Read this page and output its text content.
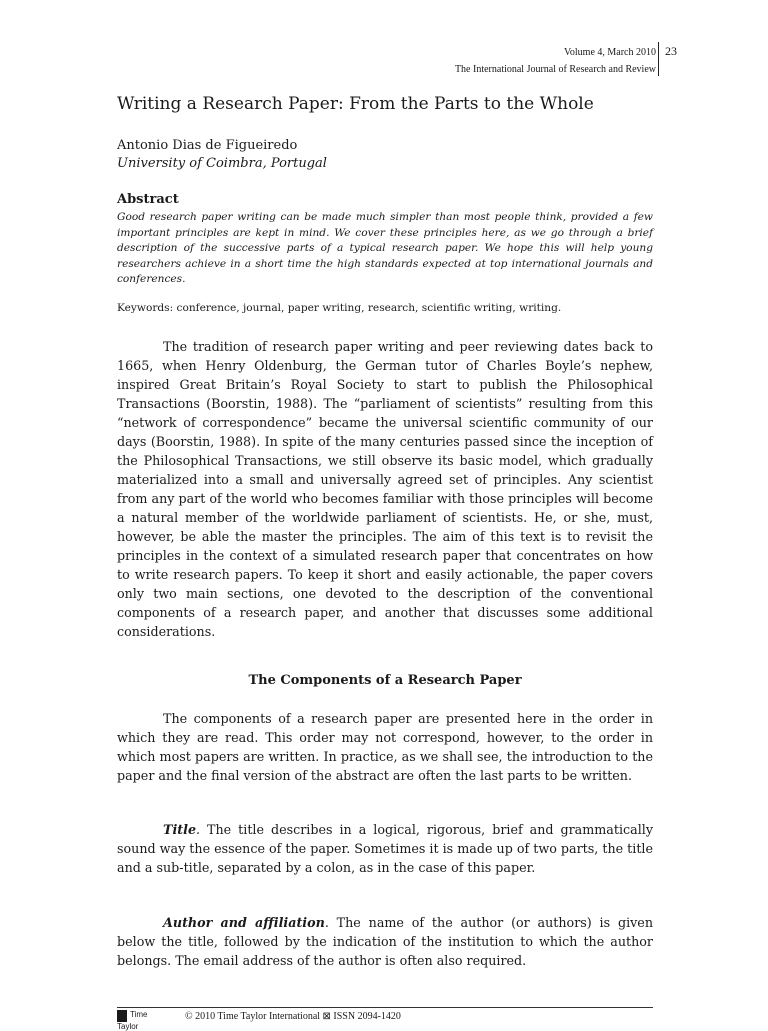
Volume 4, March 2010
The International Journal of Research and Review
23
Writing a Research Paper: From the Parts to the Whole
Antonio Dias de Figueiredo
University of Coimbra, Portugal
Abstract
Good research paper writing can be made much simpler than most people think, provided a few important principles are kept in mind. We cover these principles here, as we go through a brief description of the successive parts of a typical research paper. We hope this will help young researchers achieve in a short time the high standards expected at top international journals and conferences.
Keywords: conference, journal, paper writing, research, scientific writing, writing.

The tradition of research paper writing and peer reviewing dates back to 1665, when Henry Oldenburg, the German tutor of Charles Boyle’s nephew, inspired Great Britain’s Royal Society to start to publish the Philosophical Transactions (Boorstin, 1988). The “parliament of scientists” resulting from this “network of correspondence” became the universal scientific community of our days (Boorstin, 1988). In spite of the many centuries passed since the inception of the Philosophical Transactions, we still observe its basic model, which gradually materialized into a small and universally agreed set of principles. Any scientist from any part of the world who becomes familiar with those principles will become a natural member of the worldwide parliament of scientists. He, or she, must, however, be able the master the principles. The aim of this text is to revisit the principles in the context of a simulated research paper that concentrates on how to write research papers. To keep it short and easily actionable, the paper covers only two main sections, one devoted to the description of the conventional components of a research paper, and another that discusses some additional considerations.

The Components of a Research Paper

The components of a research paper are presented here in the order in which they are read. This order may not correspond, however, to the order in which most papers are written. In practice, as we shall see, the introduction to the paper and the final version of the abstract are often the last parts to be written.

Title. The title describes in a logical, rigorous, brief and grammatically sound way the essence of the paper. Sometimes it is made up of two parts, the title and a sub-title, separated by a colon, as in the case of this paper.

Author and affiliation. The name of the author (or authors) is given below the title, followed by the indication of the institution to which the author belongs. The email address of the author is often also required.

Time Taylor
© 2010 Time Taylor International ⊠ ISSN 2094-1420
